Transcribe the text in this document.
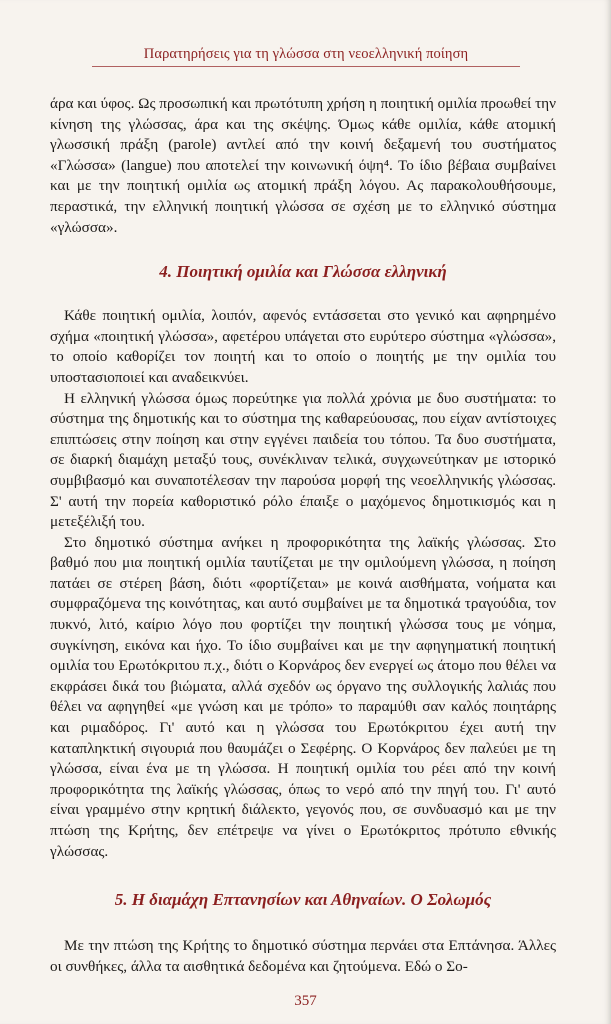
Παρατηρήσεις για τη γλώσσα στη νεοελληνική ποίηση

άρα και ύφος. Ως προσωπική και πρωτότυπη χρήση η ποιητική ομιλία προωθεί την κίνηση της γλώσσας, άρα και της σκέψης. Όμως κάθε ομιλία, κάθε ατομική γλωσσική πράξη (parole) αντλεί από την κοινή δεξαμενή του συστήματος «Γλώσσα» (langue) που αποτελεί την κοινωνική όψη⁴. Το ίδιο βέβαια συμβαίνει και με την ποιητική ομιλία ως ατομική πράξη λόγου. Ας παρακολουθήσουμε, περαστικά, την ελληνική ποιητική γλώσσα σε σχέση με το ελληνικό σύστημα «γλώσσα».

4. Ποιητική ομιλία και Γλώσσα ελληνική

Κάθε ποιητική ομιλία, λοιπόν, αφενός εντάσσεται στο γενικό και αφηρημένο σχήμα «ποιητική γλώσσα», αφετέρου υπάγεται στο ευρύτερο σύστημα «γλώσσα», το οποίο καθορίζει τον ποιητή και το οποίο ο ποιητής με την ομιλία του υποστασιοποιεί και αναδεικνύει.

Η ελληνική γλώσσα όμως πορεύτηκε για πολλά χρόνια με δυο συστήματα: το σύστημα της δημοτικής και το σύστημα της καθαρεύουσας, που είχαν αντίστοιχες επιπτώσεις στην ποίηση και στην εγγένει παιδεία του τόπου. Τα δυο συστήματα, σε διαρκή διαμάχη μεταξύ τους, συνέκλιναν τελικά, συγχωνεύτηκαν με ιστορικό συμβιβασμό και συναποτέλεσαν την παρούσα μορφή της νεοελληνικής γλώσσας. Σ' αυτή την πορεία καθοριστικό ρόλο έπαιξε ο μαχόμενος δημοτικισμός και η μετεξέλιξή του.

Στο δημοτικό σύστημα ανήκει η προφορικότητα της λαϊκής γλώσσας. Στο βαθμό που μια ποιητική ομιλία ταυτίζεται με την ομιλούμενη γλώσσα, η ποίηση πατάει σε στέρεη βάση, διότι «φορτίζεται» με κοινά αισθήματα, νοήματα και συμφραζόμενα της κοινότητας, και αυτό συμβαίνει με τα δημοτικά τραγούδια, τον πυκνό, λιτό, καίριο λόγο που φορτίζει την ποιητική γλώσσα τους με νόημα, συγκίνηση, εικόνα και ήχο. Το ίδιο συμβαίνει και με την αφηγηματική ποιητική ομιλία του Ερωτόκριτου π.χ., διότι ο Κορνάρος δεν ενεργεί ως άτομο που θέλει να εκφράσει δικά του βιώματα, αλλά σχεδόν ως όργανο της συλλογικής λαλιάς που θέλει να αφηγηθεί «με γνώση και με τρόπο» το παραμύθι σαν καλός ποιητάρης και ριμαδόρος. Γι' αυτό και η γλώσσα του Ερωτόκριτου έχει αυτή την καταπληκτική σιγουριά που θαυμάζει ο Σεφέρης. Ο Κορνάρος δεν παλεύει με τη γλώσσα, είναι ένα με τη γλώσσα. Η ποιητική ομιλία του ρέει από την κοινή προφορικότητα της λαϊκής γλώσσας, όπως το νερό από την πηγή του. Γι' αυτό είναι γραμμένο στην κρητική διάλεκτο, γεγονός που, σε συνδυασμό και με την πτώση της Κρήτης, δεν επέτρεψε να γίνει ο Ερωτόκριτος πρότυπο εθνικής γλώσσας.

5. Η διαμάχη Επτανησίων και Αθηναίων. Ο Σολωμός

Με την πτώση της Κρήτης το δημοτικό σύστημα περνάει στα Επτάνησα. Άλλες οι συνθήκες, άλλα τα αισθητικά δεδομένα και ζητούμενα. Εδώ ο Σο-

357
